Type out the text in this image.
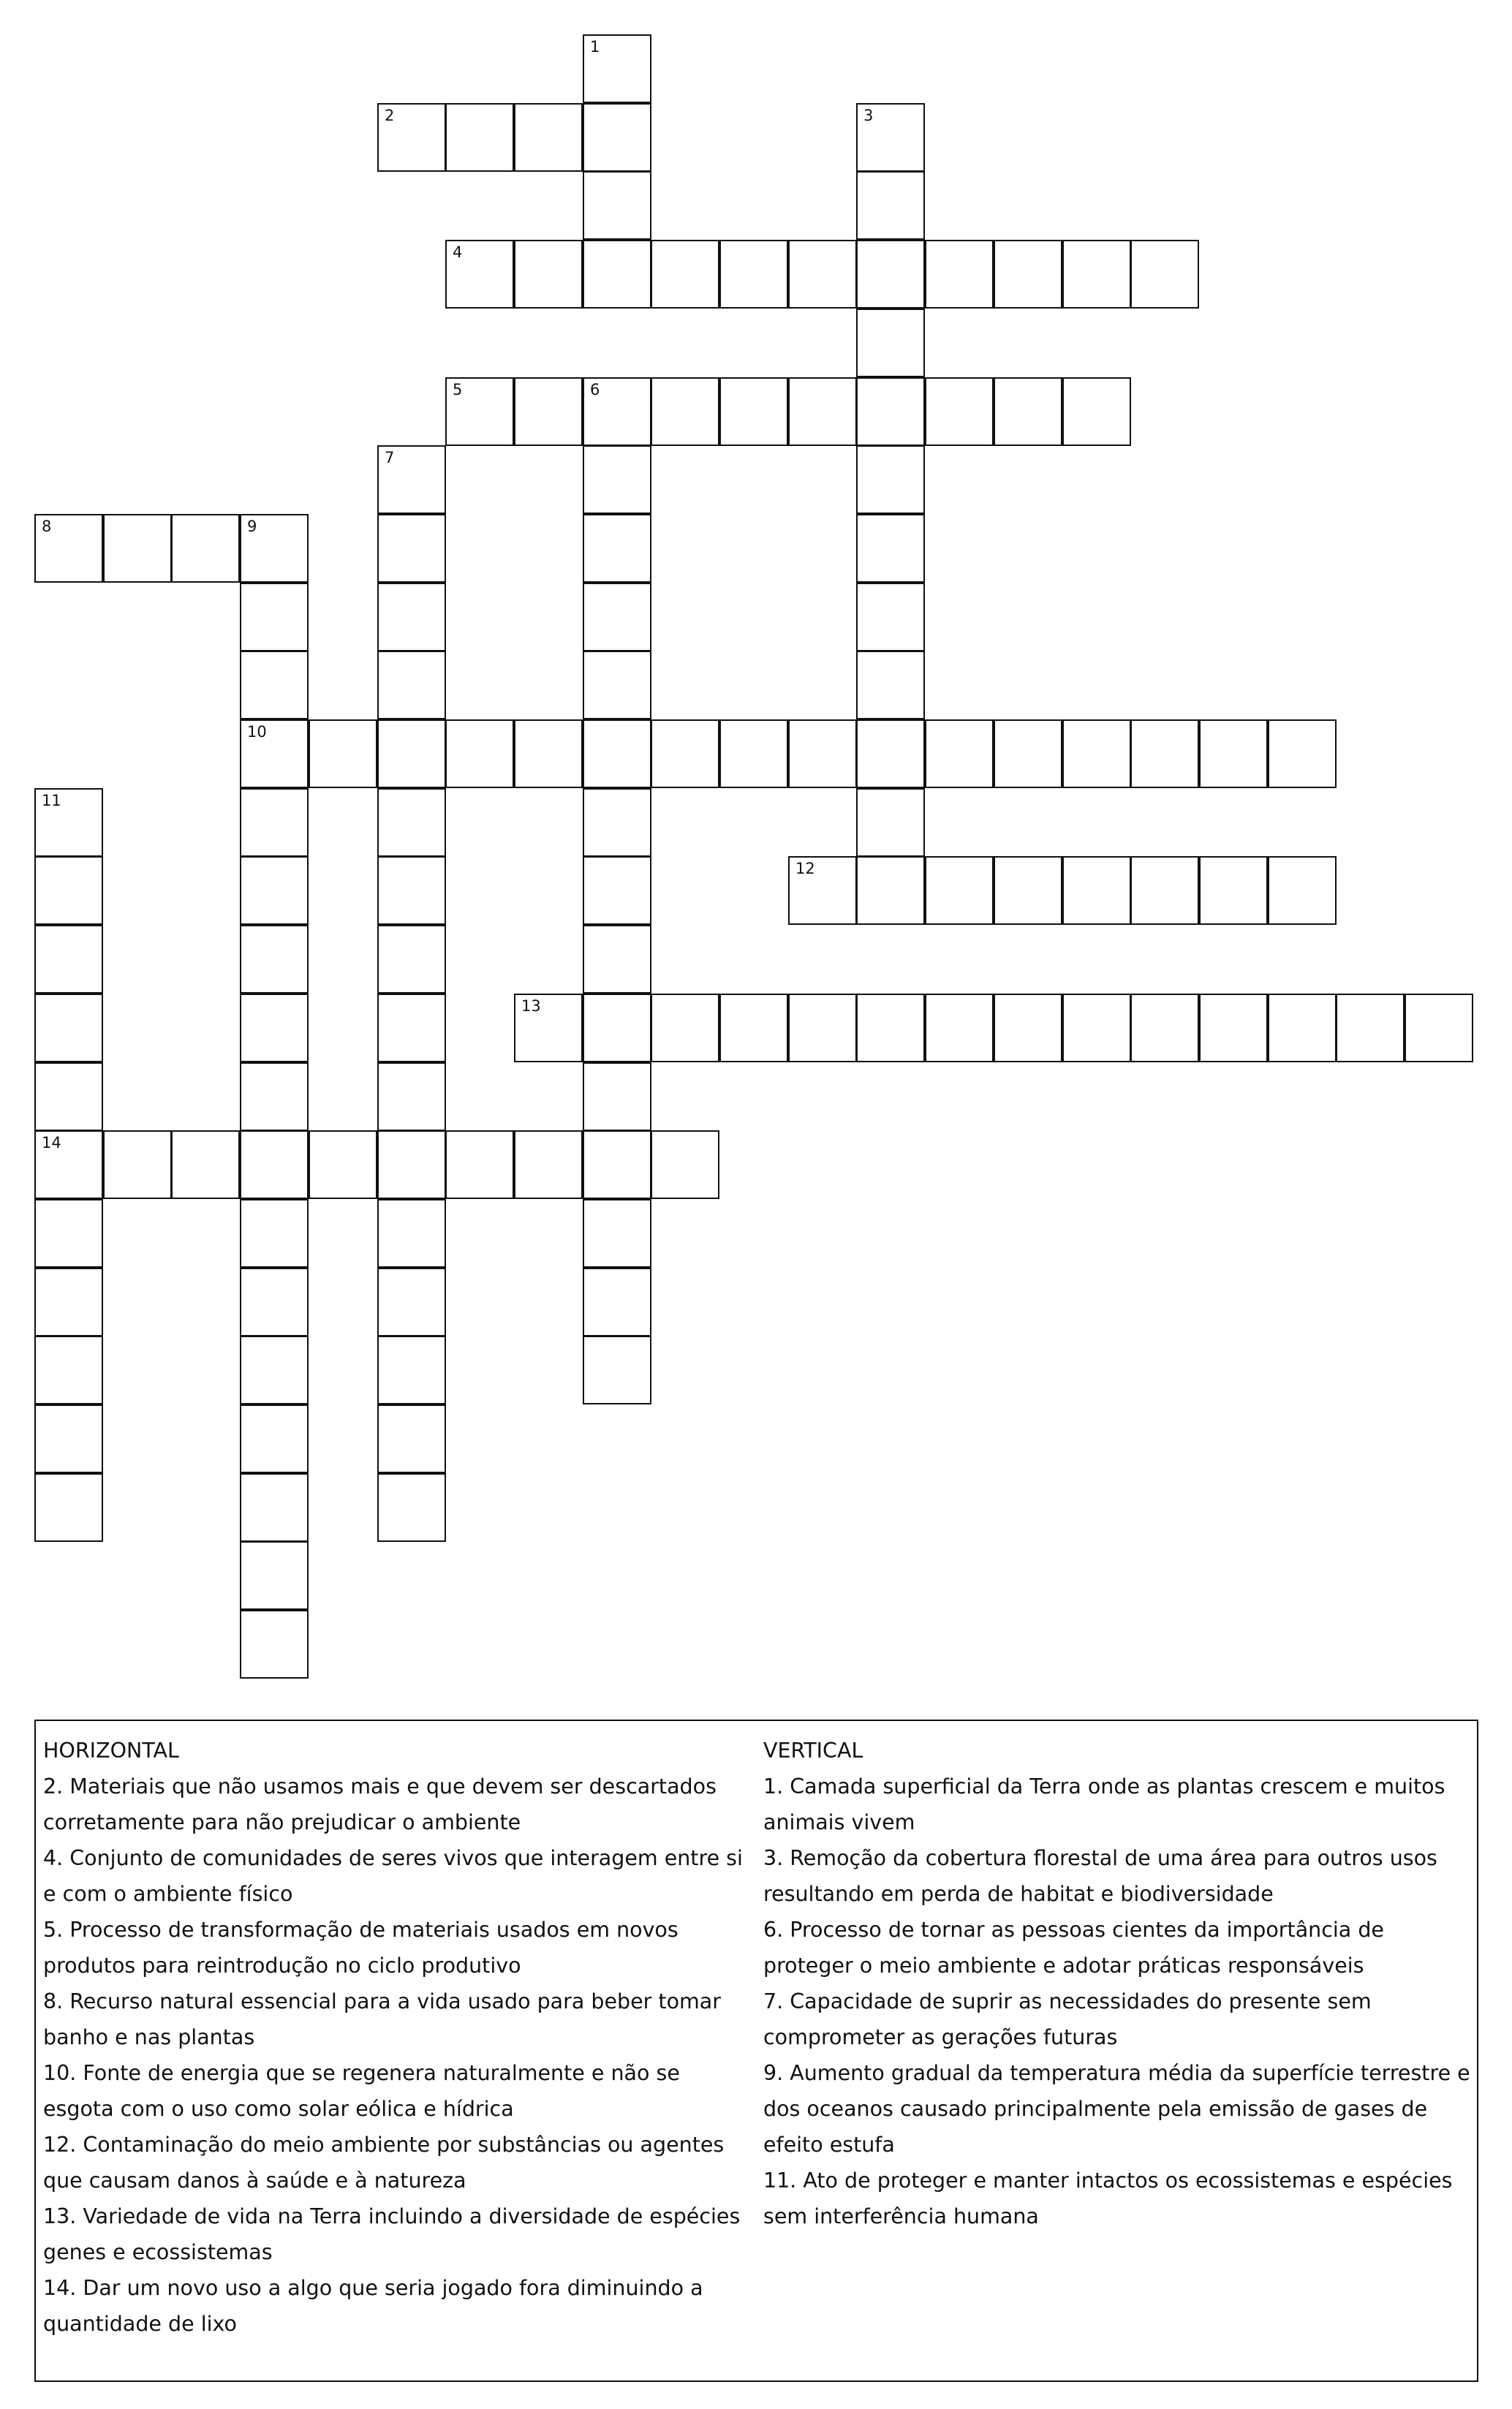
1
2	3
4
5	6
7
8	9
10
11
12
13
14
HORIZONTAL
2. Materiais que não usamos mais e que devem ser descartados corretamente para não prejudicar o ambiente
4. Conjunto de comunidades de seres vivos que interagem entre si e com o ambiente físico
5. Processo de transformação de materiais usados em novos produtos para reintrodução no ciclo produtivo
8. Recurso natural essencial para a vida usado para beber tomar banho e nas plantas
10. Fonte de energia que se regenera naturalmente e não se esgota com o uso como solar eólica e hídrica
12. Contaminação do meio ambiente por substâncias ou agentes que causam danos à saúde e à natureza
13. Variedade de vida na Terra incluindo a diversidade de espécies genes e ecossistemas
14. Dar um novo uso a algo que seria jogado fora diminuindo a quantidade de lixo
VERTICAL
1. Camada superficial da Terra onde as plantas crescem e muitos animais vivem
3. Remoção da cobertura florestal de uma área para outros usos resultando em perda de habitat e biodiversidade
6. Processo de tornar as pessoas cientes da importância de proteger o meio ambiente e adotar práticas responsáveis
7. Capacidade de suprir as necessidades do presente sem comprometer as gerações futuras
9. Aumento gradual da temperatura média da superfície terrestre e dos oceanos causado principalmente pela emissão de gases de efeito estufa
11. Ato de proteger e manter intactos os ecossistemas e espécies sem interferência humana
